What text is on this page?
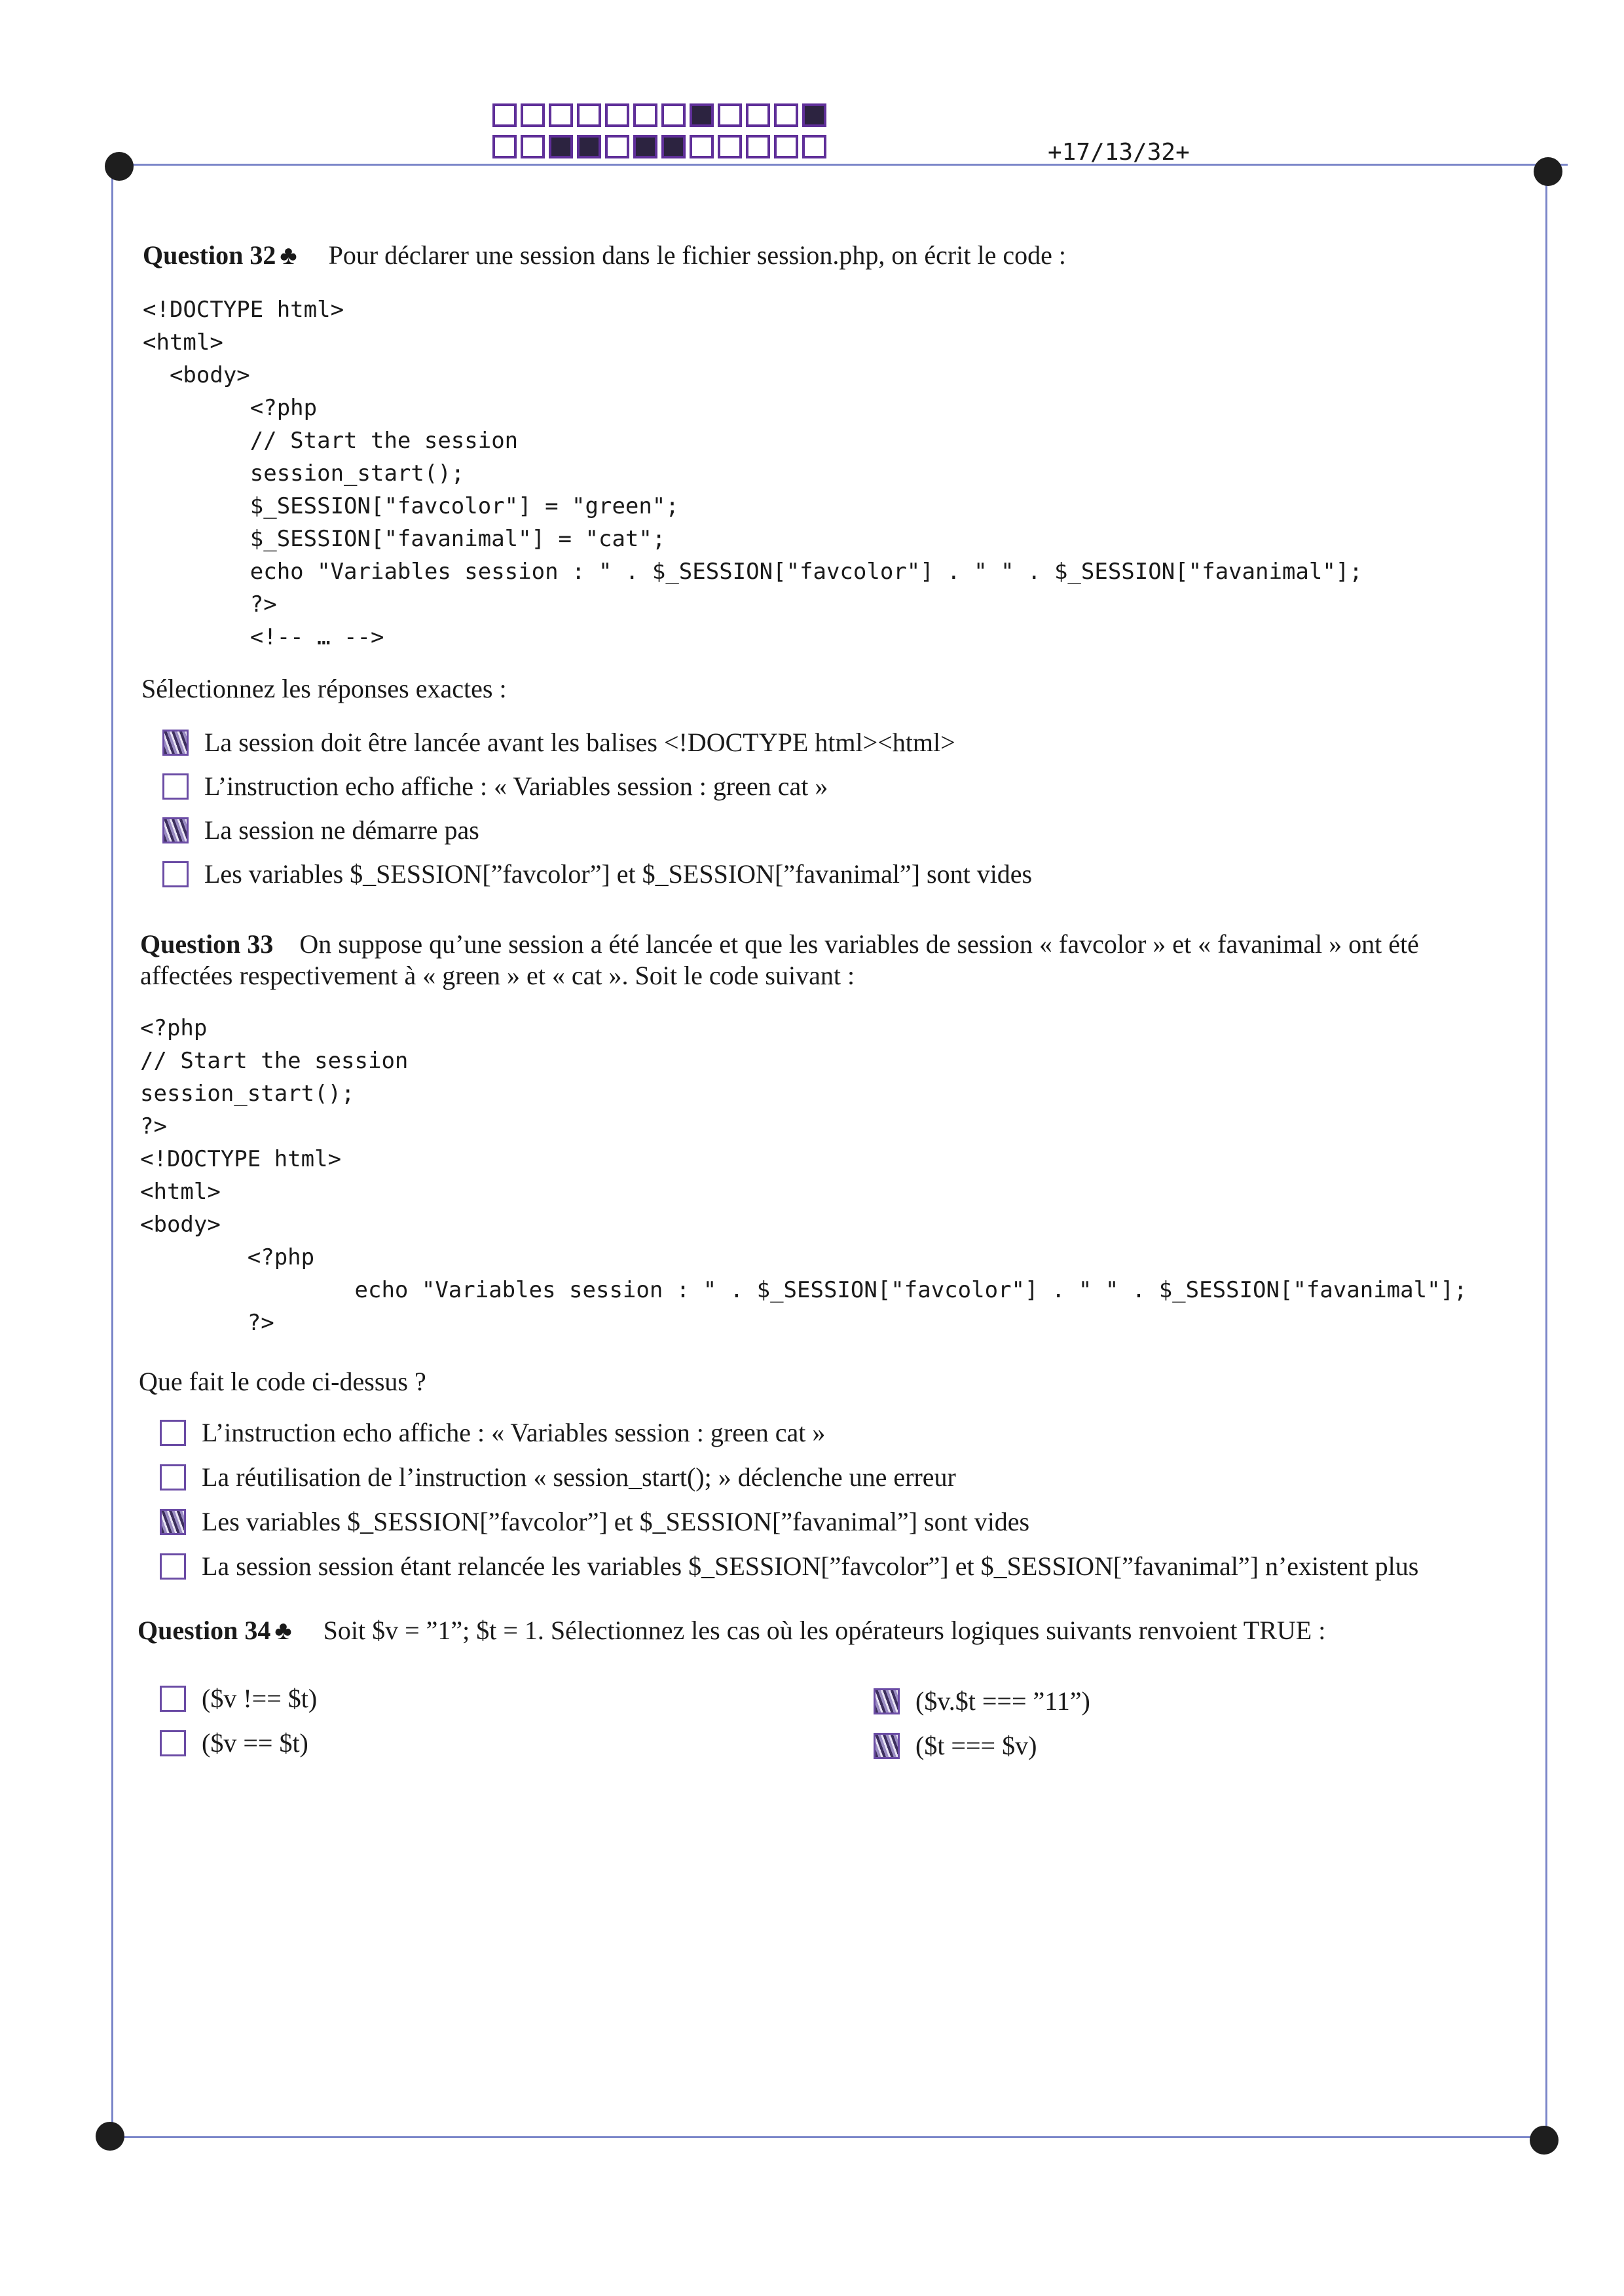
+17/13/32+
Question 32 ♣ Pour déclarer une session dans le fichier session.php, on écrit le code :
<!DOCTYPE html>
<html>
<body>
<?php
// Start the session
session_start();
$_SESSION["favcolor"] = "green";
$_SESSION["favanimal"] = "cat";
echo "Variables session : " . $_SESSION["favcolor"] . " " . $_SESSION["favanimal"];
?>
<!-- … -->
Sélectionnez les réponses exactes :
La session doit être lancée avant les balises <!DOCTYPE html><html>
L’instruction echo affiche : « Variables session : green cat »
La session ne démarre pas
Les variables $_SESSION[”favcolor”] et $_SESSION[”favanimal”] sont vides
Question 33 On suppose qu’une session a été lancée et que les variables de session « favcolor » et « favanimal » ont été
affectées respectivement à « green » et « cat ». Soit le code suivant :
<?php
// Start the session
session_start();
?>
<!DOCTYPE html>
<html>
<body>
<?php
echo "Variables session : " . $_SESSION["favcolor"] . " " . $_SESSION["favanimal"];
?>
Que fait le code ci-dessus ?
L’instruction echo affiche : « Variables session : green cat »
La réutilisation de l’instruction « session_start(); » déclenche une erreur
Les variables $_SESSION[”favcolor”] et $_SESSION[”favanimal”] sont vides
La session session étant relancée les variables $_SESSION[”favcolor”] et $_SESSION[”favanimal”] n’existent plus
Question 34 ♣ Soit $v = ”1”; $t = 1. Sélectionnez les cas où les opérateurs logiques suivants renvoient TRUE :
($v !== $t)
($v == $t)
($v.$t === ”11”)
($t === $v)
